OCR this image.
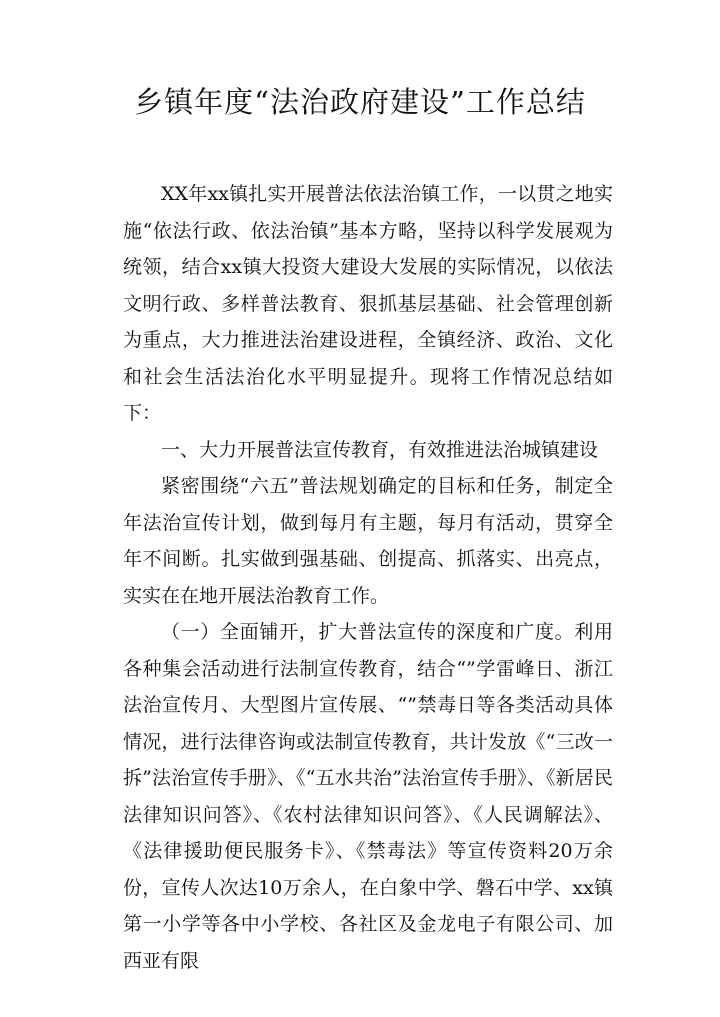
乡镇年度“法治政府建设”工作总结

XX年xx镇扎实开展普法依法治镇工作，一以贯之地实施“依法行政、依法治镇”基本方略，坚持以科学发展观为统领，结合xx镇大投资大建设大发展的实际情况，以依法文明行政、多样普法教育、狠抓基层基础、社会管理创新为重点，大力推进法治建设进程，全镇经济、政治、文化和社会生活法治化水平明显提升。现将工作情况总结如下：

一、大力开展普法宣传教育，有效推进法治城镇建设

紧密围绕“六五”普法规划确定的目标和任务，制定全年法治宣传计划，做到每月有主题，每月有活动，贯穿全年不间断。扎实做到强基础、创提高、抓落实、出亮点，实实在在地开展法治教育工作。

（一）全面铺开，扩大普法宣传的深度和广度。利用各种集会活动进行法制宣传教育，结合“”学雷峰日、浙江法治宣传月、大型图片宣传展、“”禁毒日等各类活动具体情况，进行法律咨询或法制宣传教育，共计发放《“三改一拆”法治宣传手册》、《“五水共治”法治宣传手册》、《新居民法律知识问答》、《农村法律知识问答》、《人民调解法》、《法律援助便民服务卡》、《禁毒法》等宣传资料20万余份，宣传人次达10万余人，在白象中学、磐石中学、xx镇第一小学等各中小学校、各社区及金龙电子有限公司、加西亚有限
